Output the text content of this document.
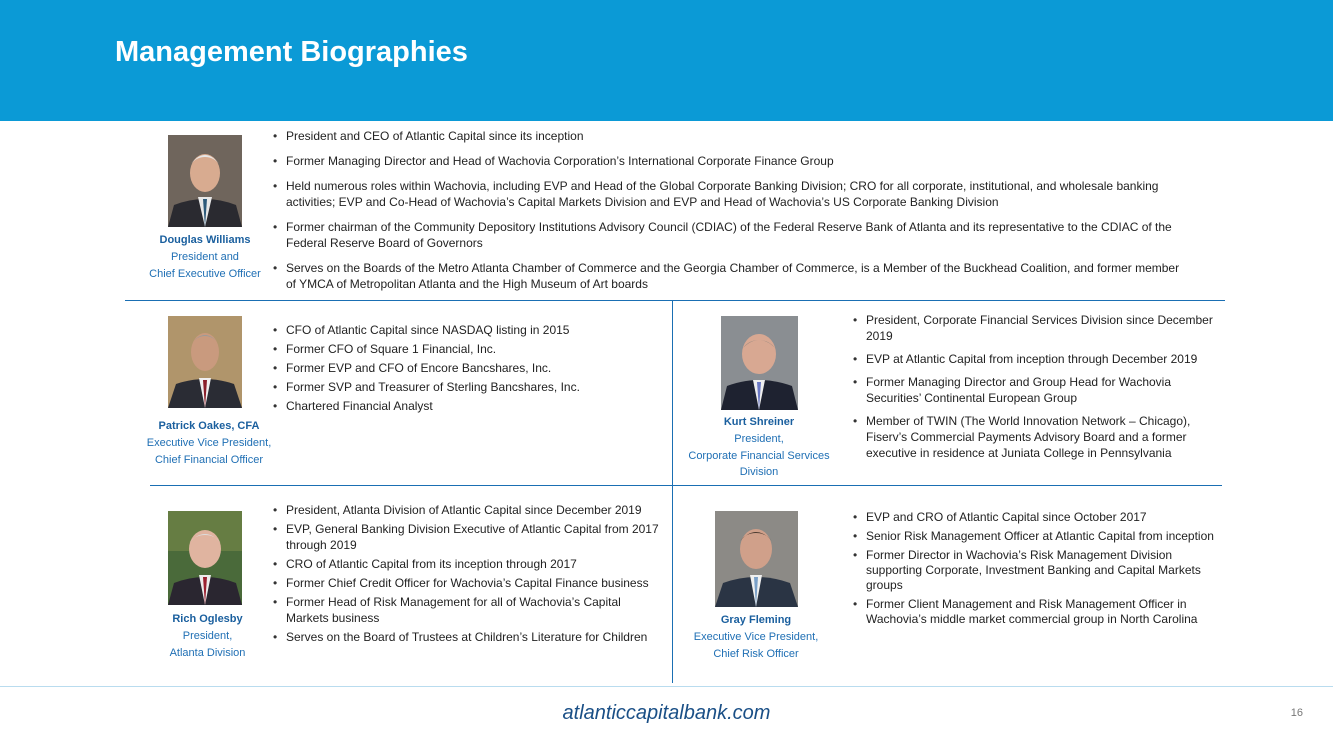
Management Biographies
Douglas Williams
President and
Chief Executive Officer
• President and CEO of Atlantic Capital since its inception
• Former Managing Director and Head of Wachovia Corporation’s International Corporate Finance Group
• Held numerous roles within Wachovia, including EVP and Head of the Global Corporate Banking Division; CRO for all corporate, institutional, and wholesale banking activities; EVP and Co-Head of Wachovia’s Capital Markets Division and EVP and Head of Wachovia’s US Corporate Banking Division
• Former chairman of the Community Depository Institutions Advisory Council (CDIAC) of the Federal Reserve Bank of Atlanta and its representative to the CDIAC of the Federal Reserve Board of Governors
• Serves on the Boards of the Metro Atlanta Chamber of Commerce and the Georgia Chamber of Commerce, is a Member of the Buckhead Coalition, and former member of YMCA of Metropolitan Atlanta and the High Museum of Art boards
Patrick Oakes, CFA
Executive Vice President,
Chief Financial Officer
• CFO of Atlantic Capital since NASDAQ listing in 2015
• Former CFO of Square 1 Financial, Inc.
• Former EVP and CFO of Encore Bancshares, Inc.
• Former SVP and Treasurer of Sterling Bancshares, Inc.
• Chartered Financial Analyst
Kurt Shreiner
President,
Corporate Financial Services
Division
• President, Corporate Financial Services Division since December 2019
• EVP at Atlantic Capital from inception through December 2019
• Former Managing Director and Group Head for Wachovia Securities’ Continental European Group
• Member of TWIN (The World Innovation Network – Chicago), Fiserv’s Commercial Payments Advisory Board and a former executive in residence at Juniata College in Pennsylvania
Rich Oglesby
President,
Atlanta Division
• President, Atlanta Division of Atlantic Capital since December 2019
• EVP, General Banking Division Executive of Atlantic Capital from 2017 through 2019
• CRO of Atlantic Capital from its inception through 2017
• Former Chief Credit Officer for Wachovia’s Capital Finance business
• Former Head of Risk Management for all of Wachovia’s Capital Markets business
• Serves on the Board of Trustees at Children’s Literature for Children
Gray Fleming
Executive Vice President,
Chief Risk Officer
• EVP and CRO of Atlantic Capital since October 2017
• Senior Risk Management Officer at Atlantic Capital from inception
• Former Director in Wachovia’s Risk Management Division supporting Corporate, Investment Banking and Capital Markets groups
• Former Client Management and Risk Management Officer in Wachovia’s middle market commercial group in North Carolina
atlanticcapitalbank.com	16
